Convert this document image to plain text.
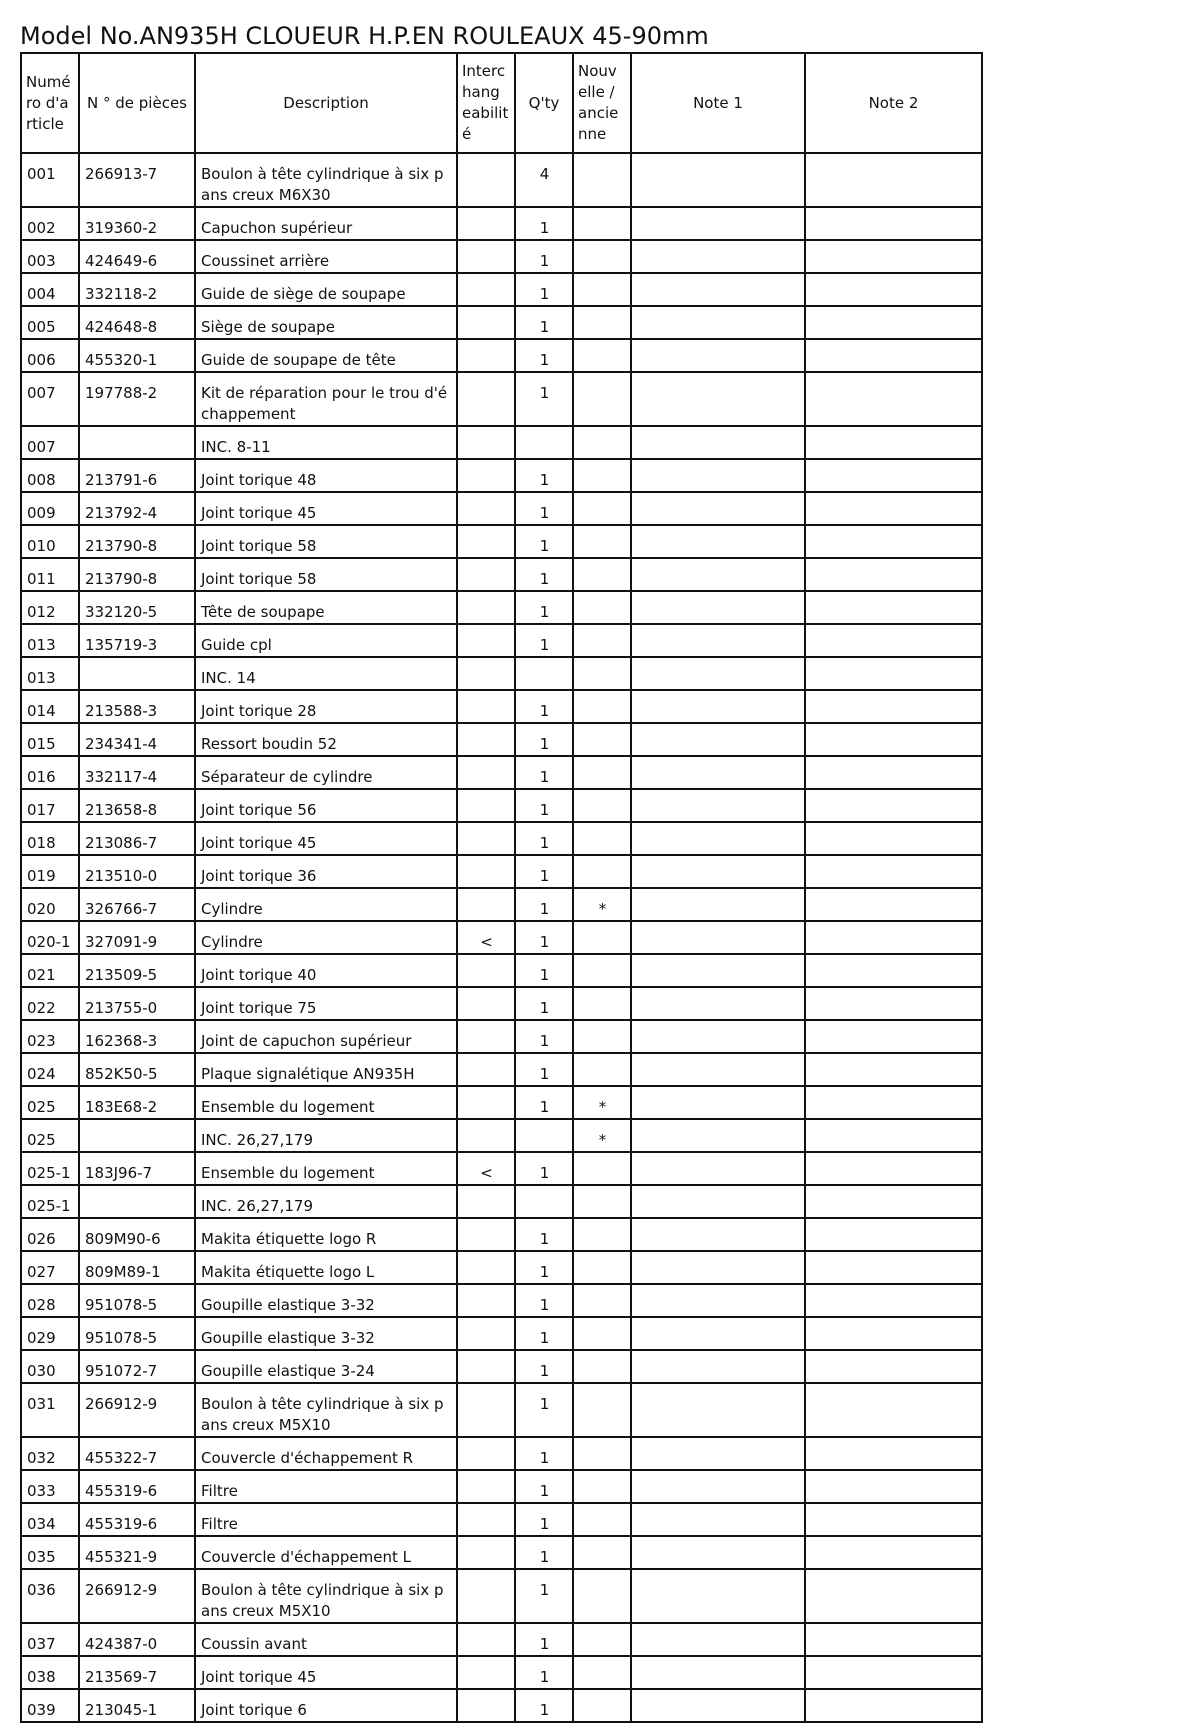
Model No.AN935H CLOUEUR H.P.EN ROULEAUX 45-90mm
Numé ro d'a rticle	N ° de pièces	Description	Interc hang eabilit é	Q'ty	Nouv elle / ancie nne	Note 1	Note 2
001	266913-7	Boulon à tête cylindrique à six pans creux M6X30		4			
002	319360-2	Capuchon supérieur		1			
003	424649-6	Coussinet arrière		1			
004	332118-2	Guide de siège de soupape		1			
005	424648-8	Siège de soupape		1			
006	455320-1	Guide de soupape de tête		1			
007	197788-2	Kit de réparation pour le trou d'échappement		1			
007		INC. 8-11					
008	213791-6	Joint torique 48		1			
009	213792-4	Joint torique 45		1			
010	213790-8	Joint torique 58		1			
011	213790-8	Joint torique 58		1			
012	332120-5	Tête de soupape		1			
013	135719-3	Guide cpl		1			
013		INC. 14					
014	213588-3	Joint torique 28		1			
015	234341-4	Ressort boudin 52		1			
016	332117-4	Séparateur de cylindre		1			
017	213658-8	Joint torique 56		1			
018	213086-7	Joint torique 45		1			
019	213510-0	Joint torique 36		1			
020	326766-7	Cylindre		1	*		
020-1	327091-9	Cylindre	<	1			
021	213509-5	Joint torique 40		1			
022	213755-0	Joint torique 75		1			
023	162368-3	Joint de capuchon supérieur		1			
024	852K50-5	Plaque signalétique AN935H		1			
025	183E68-2	Ensemble du logement		1	*		
025		INC. 26,27,179			*		
025-1	183J96-7	Ensemble du logement	<	1			
025-1		INC. 26,27,179					
026	809M90-6	Makita étiquette logo R		1			
027	809M89-1	Makita étiquette logo L		1			
028	951078-5	Goupille elastique 3-32		1			
029	951078-5	Goupille elastique 3-32		1			
030	951072-7	Goupille elastique 3-24		1			
031	266912-9	Boulon à tête cylindrique à six pans creux M5X10		1			
032	455322-7	Couvercle d'échappement R		1			
033	455319-6	Filtre		1			
034	455319-6	Filtre		1			
035	455321-9	Couvercle d'échappement L		1			
036	266912-9	Boulon à tête cylindrique à six pans creux M5X10		1			
037	424387-0	Coussin avant		1			
038	213569-7	Joint torique 45		1			
039	213045-1	Joint torique 6		1			
